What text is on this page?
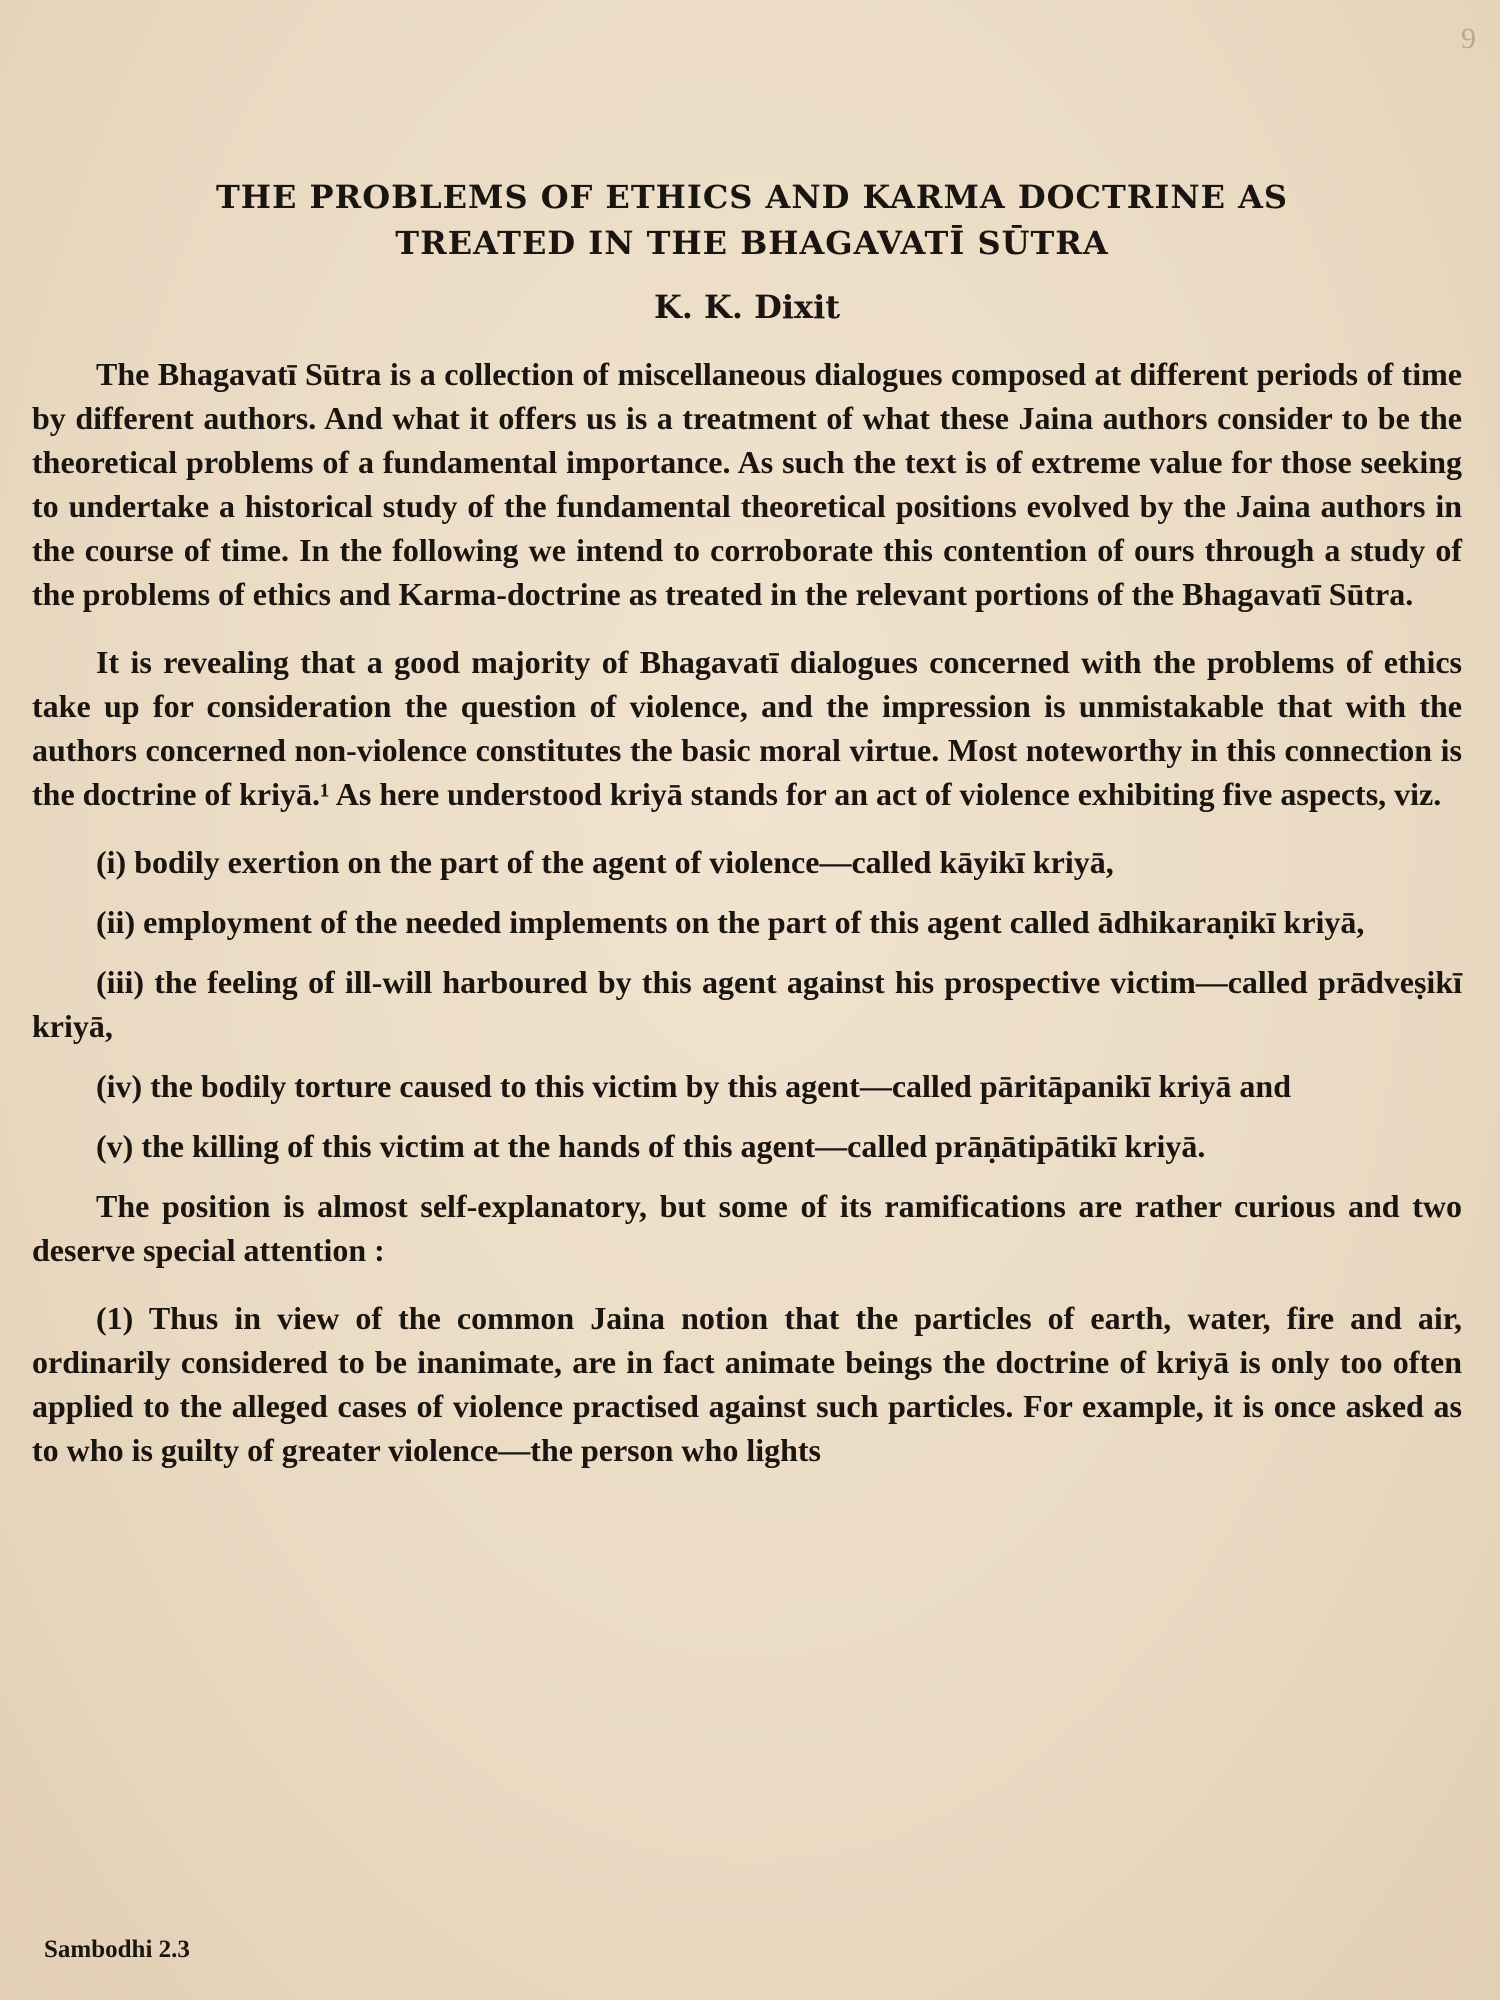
9
THE PROBLEMS OF ETHICS AND KARMA DOCTRINE AS
TREATED IN THE BHAGAVATĪ SŪTRA
K. K. Dixit

The Bhagavatī Sūtra is a collection of miscellaneous dialogues composed at different periods of time by different authors. And what it offers us is a treatment of what these Jaina authors consider to be the theoretical problems of a fundamental importance. As such the text is of extreme value for those seeking to undertake a historical study of the fundamental theoretical positions evolved by the Jaina authors in the course of time. In the following we intend to corroborate this contention of ours through a study of the problems of ethics and Karma-doctrine as treated in the relevant portions of the Bhagavatī Sūtra.

It is revealing that a good majority of Bhagavatī dialogues concerned with the problems of ethics take up for consideration the question of violence, and the impression is unmistakable that with the authors concerned non-violence constitutes the basic moral virtue. Most noteworthy in this connection is the doctrine of kriyā.¹ As here understood kriyā stands for an act of violence exhibiting five aspects, viz.

(i) bodily exertion on the part of the agent of violence—called kāyikī kriyā,

(ii) employment of the needed implements on the part of this agent called ādhikaraṇikī kriyā,

(iii) the feeling of ill-will harboured by this agent against his prospective victim—called prādveṣikī kriyā,

(iv) the bodily torture caused to this victim by this agent—called pāritāpanikī kriyā and

(v) the killing of this victim at the hands of this agent—called prāṇātipātikī kriyā.

The position is almost self-explanatory, but some of its ramifications are rather curious and two deserve special attention :

(1) Thus in view of the common Jaina notion that the particles of earth, water, fire and air, ordinarily considered to be inanimate, are in fact animate beings the doctrine of kriyā is only too often applied to the alleged cases of violence practised against such particles. For example, it is once asked as to who is guilty of greater violence—the person who lights

Sambodhi 2.3
